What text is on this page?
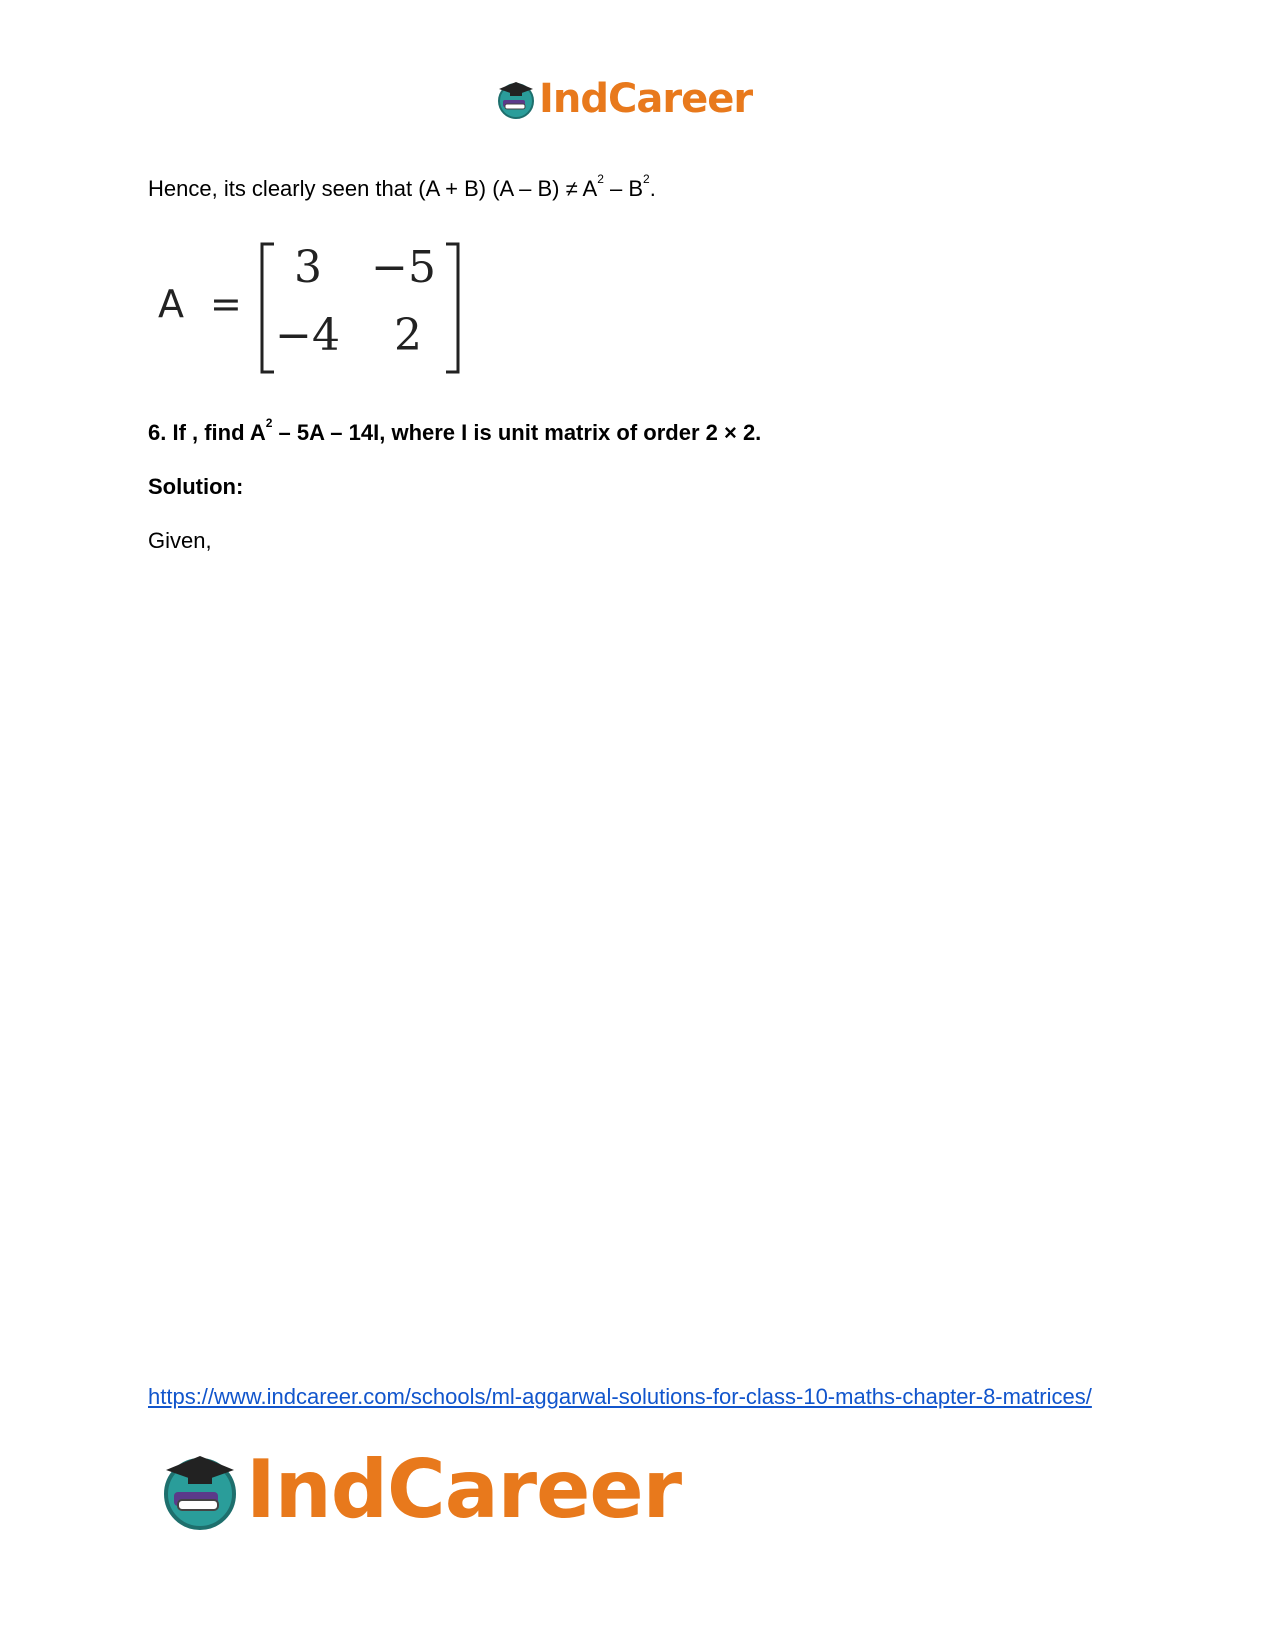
IndCareer
Hence, its clearly seen that (A + B) $(A - B) \ne A^2 - B^2$.
A =
3	−5
−4	2
6. If , find $A^2 - 5A - 14I$, where I is unit matrix of order 2 × 2.
Solution:
Given,
https://www.indcareer.com/schools/ml-aggarwal-solutions-for-class-10-maths-chapter-8-matrices/
IndCareer
